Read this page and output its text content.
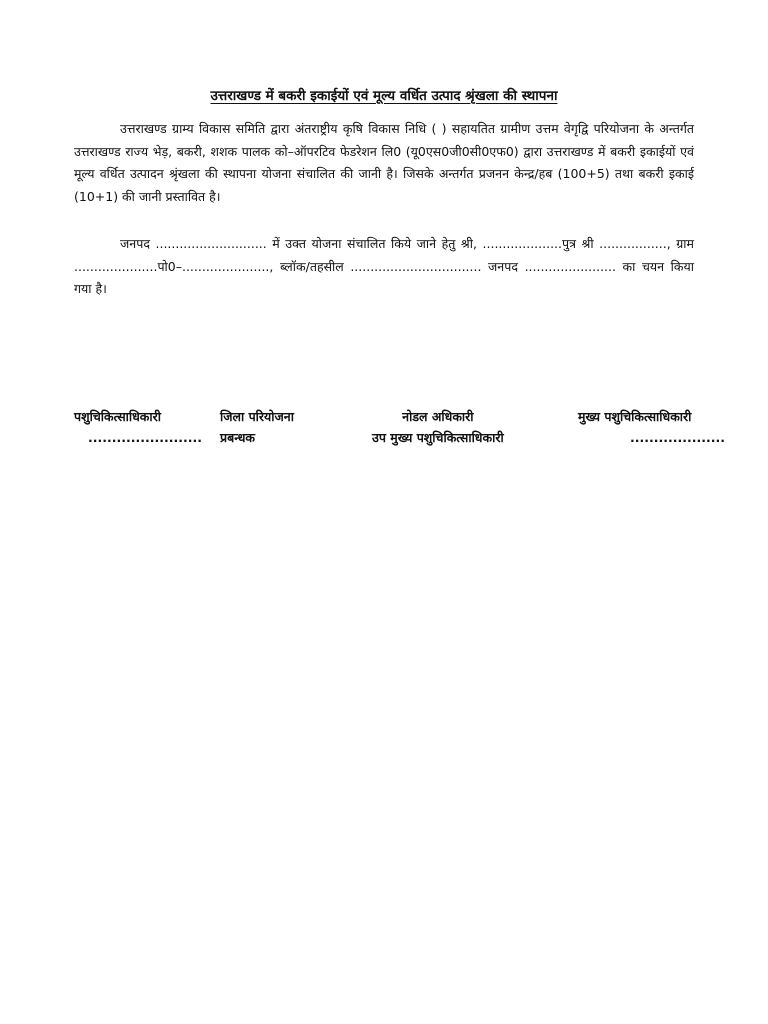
उत्तराखण्ड में बकरी इकाईयों एवं मूल्य वर्धित उत्पाद श्रृंखला की स्थापना

उत्तराखण्ड ग्राम्य विकास समिति द्वारा अंतराष्ट्रीय कृषि विकास निधि ( ) सहायतित ग्रामीण उत्तम वेगृद्वि परियोजना के अन्तर्गत उत्तराखण्ड राज्य भेड़, बकरी, शशक पालक को–ऑपरटिव फेडरेशन लि0 (यू0एस0जी0सी0एफ0) द्वारा उत्तराखण्ड में बकरी इकाईयों एवं मूल्य वर्धित उत्पादन श्रृंखला की स्थापना योजना संचालित की जानी है। जिसके अन्तर्गत प्रजनन केन्द्र/हब (100+5) तथा बकरी इकाई (10+1) की जानी प्रस्तावित है।

जनपद ............................ में उक्त योजना संचालित किये जाने हेतु श्री, ....................पुत्र श्री ................., ग्राम .....................पो0–......................, ब्लॉक/तहसील ................................. जनपद ....................... का चयन किया गया है।

पशुचिकित्साधिकारी
........................
जिला परियोजना
प्रबन्धक
नोडल अधिकारी
उप मुख्य पशुचिकित्साधिकारी
मुख्य पशुचिकित्साधिकारी
....................
